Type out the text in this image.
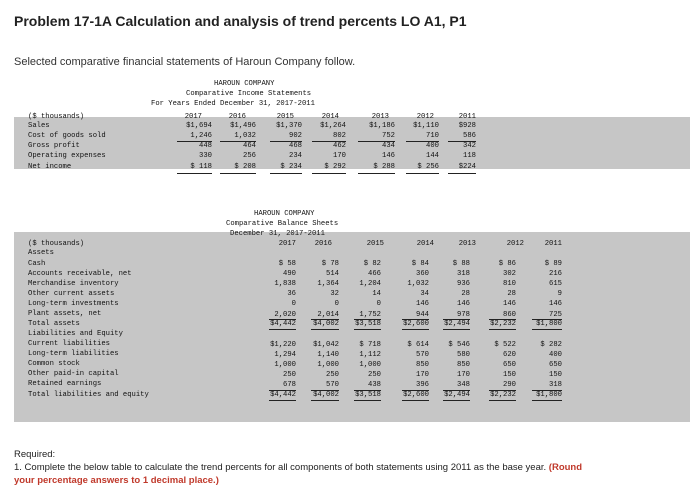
Problem 17-1A Calculation and analysis of trend percents LO A1, P1
Selected comparative financial statements of Haroun Company follow.
HAROUN COMPANY
Comparative Income Statements
For Years Ended December 31, 2017-2011
($ thousands)	2017	2016	2015	2014	2013	2012	2011
Sales	$1,694	$1,496	$1,370	$1,264	$1,186	$1,110	$928
Cost of goods sold	1,246	1,032	902	802	752	710	586
Gross profit	448	464	468	462	434	400	342
Operating expenses	330	256	234	170	146	144	118
Net income	$ 118	$ 208	$ 234	$ 292	$ 288	$ 256	$224
HAROUN COMPANY
Comparative Balance Sheets
December 31, 2017-2011
($ thousands)	2017	2016	2015	2014	2013	2012	2011
Assets
Cash	$ 58	$ 78	$ 82	$ 84	$ 88	$ 86	$ 89
Accounts receivable, net	490	514	466	360	318	302	216
Merchandise inventory	1,838	1,364	1,204	1,032	936	810	615
Other current assets	36	32	14	34	28	28	9
Long-term investments	0	0	0	146	146	146	146
Plant assets, net	2,020	2,014	1,752	944	978	860	725
Total assets	$4,442 $4,002 $3,518	$2,600 $2,494	$2,232	$1,800
Liabilities and Equity
Current liabilities	$1,220 $1,042	$ 718	$ 614	$ 546	$ 522	$ 282
Long-term liabilities	1,294	1,140	1,112	570	580	620	400
Common stock	1,000	1,000	1,000	850	850	650	650
Other paid-in capital	250	250	250	170	170	150	150
Retained earnings	678	570	438	396	348	290	318
Total liabilities and equity	$4,442 $4,002 $3,518	$2,600 $2,494	$2,232	$1,800
Required:
1. Complete the below table to calculate the trend percents for all components of both statements using 2011 as the base year. (Round
your percentage answers to 1 decimal place.)
